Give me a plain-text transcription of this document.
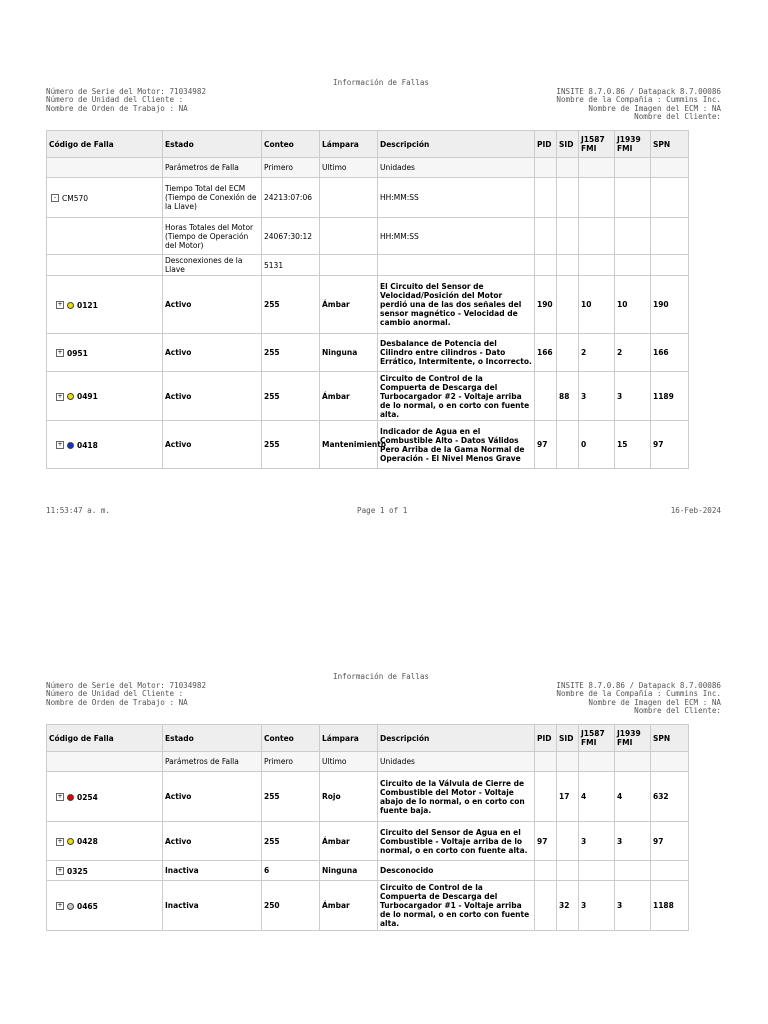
Información de Fallas
Número de Serie del Motor: 71034982
Número de Unidad del Cliente :
Nombre de Orden de Trabajo : NA
INSITE 8.7.0.86 / Datapack 8.7.00086
Nombre de la Compañía : Cummins Inc.
Nombre de Imagen del ECM : NA
Nombre del Cliente:
Código de Falla	Estado	Conteo	Lámpara	Descripción	PID	SID	J1587 FMI	J1939 FMI	SPN
	Parámetros de Falla	Primero	Ultimo	Unidades					

- CM570	Tiempo Total del ECM (Tiempo de Conexión de la Llave)	24213:07:06		HH:MM:SS					
	Horas Totales del Motor (Tiempo de Operación del Motor)	24067:30:12		HH:MM:SS					
	Desconexiones de la Llave	5131							

+ 0121	Activo	255	Ámbar	El Circuito del Sensor de Velocidad/Posición del Motor perdió una de las dos señales del sensor magnético - Velocidad de cambio anormal.	190		10	10	190

+ 0951	Activo	255	Ninguna	Desbalance de Potencia del Cilindro entre cilindros - Dato Errático, Intermitente, o Incorrecto.	166		2	2	166

+ 0491	Activo	255	Ámbar	Circuito de Control de la Compuerta de Descarga del Turbocargador #2 - Voltaje arriba de lo normal, o en corto con fuente alta.		88	3	3	1189

+ 0418	Activo	255	Mantenimiento	Indicador de Agua en el Combustible Alto - Datos Válidos Pero Arriba de la Gama Normal de Operación - El Nivel Menos Grave	97		0	15	97
11:53:47 a. m.	Page 1 of 1	16-Feb-2024
Información de Fallas
Número de Serie del Motor: 71034982
Número de Unidad del Cliente :
Nombre de Orden de Trabajo : NA
INSITE 8.7.0.86 / Datapack 8.7.00086
Nombre de la Compañía : Cummins Inc.
Nombre de Imagen del ECM : NA
Nombre del Cliente:
Código de Falla	Estado	Conteo	Lámpara	Descripción	PID	SID	J1587 FMI	J1939 FMI	SPN
	Parámetros de Falla	Primero	Ultimo	Unidades					

+ 0254	Activo	255	Rojo	Circuito de la Válvula de Cierre de Combustible del Motor - Voltaje abajo de lo normal, o en corto con fuente baja.		17	4	4	632

+ 0428	Activo	255	Ámbar	Circuito del Sensor de Agua en el Combustible - Voltaje arriba de lo normal, o en corto con fuente alta.	97		3	3	97

+ 0325	Inactiva	6	Ninguna	Desconocido					

+ 0465	Inactiva	250	Ámbar	Circuito de Control de la Compuerta de Descarga del Turbocargador #1 - Voltaje arriba de lo normal, o en corto con fuente alta.		32	3	3	1188
